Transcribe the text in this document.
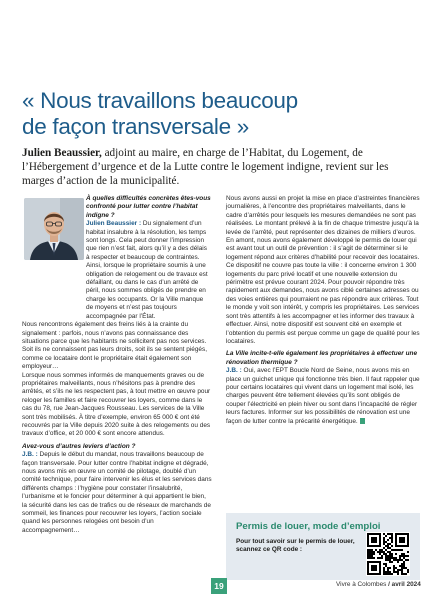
« Nous travaillons beaucoup
de façon transversale »
Julien Beaussier, adjoint au maire, en charge de l’Habitat, du Logement, de l’Hébergement d’urgence et de la Lutte contre le logement indigne, revient sur les marges d’action de la municipalité.

À quelles difficultés concrètes êtes-vous confronté pour lutter contre l’habitat indigne ?

Julien Beaussier : Du signalement d’un habitat insalubre à la résolution, les temps sont longs. Cela peut donner l’impression que rien n’est fait, alors qu’il y a des délais à respecter et beaucoup de contraintes. Ainsi, lorsque le propriétaire soumis à une obligation de relogement ou de travaux est défaillant, ou dans le cas d’un arrêté de péril, nous sommes obligés de prendre en charge les occupants. Or la Ville manque de moyens et n’est pas toujours accompagnée par l’État.

Nous rencontrons également des freins liés à la crainte du signalement : parfois, nous n’avons pas connaissance des situations parce que les habitants ne sollicitent pas nos services. Soit ils ne connaissent pas leurs droits, soit ils se sentent piégés, comme ce locataire dont le propriétaire était également son employeur…

Lorsque nous sommes informés de manquements graves ou de propriétaires malveillants, nous n’hésitons pas à prendre des arrêtés, et s’ils ne les respectent pas, à tout mettre en œuvre pour reloger les familles et faire recouvrer les loyers, comme dans le cas du 78, rue Jean-Jacques Rousseau. Les services de la Ville sont très mobilisés. À titre d’exemple, environ 65 000 € ont été recouvrés par la Ville depuis 2020 suite à des relogements ou des travaux d’office, et 20 000 € sont encore attendus.

Avez-vous d’autres leviers d’action ?

J.B. : Depuis le début du mandat, nous travaillons beaucoup de façon transversale. Pour lutter contre l’habitat indigne et dégradé, nous avons mis en œuvre un comité de pilotage, doublé d’un comité technique, pour faire intervenir les élus et les services dans différents champs : l’hygiène pour constater l’insalubrité, l’urbanisme et le foncier pour déterminer à qui appartient le bien, la sécurité dans les cas de trafics ou de réseaux de marchands de sommeil, les finances pour recouvrer les loyers, l’action sociale quand les personnes relogées ont besoin d’un accompagnement…

Nous avons aussi en projet la mise en place d’astreintes financières journalières, à l’encontre des propriétaires malveillants, dans le cadre d’arrêtés pour lesquels les mesures demandées ne sont pas réalisées. Le montant prélevé à la fin de chaque trimestre jusqu’à la levée de l’arrêté, peut représenter des dizaines de milliers d’euros.

En amont, nous avons également développé le permis de louer qui est avant tout un outil de prévention : il s’agit de déterminer si le logement répond aux critères d’habilité pour recevoir des locataires. Ce dispositif ne couvre pas toute la ville : il concerne environ 1 300 logements du parc privé locatif et une nouvelle extension du périmètre est prévue courant 2024. Pour pouvoir répondre très rapidement aux demandes, nous avons ciblé certaines adresses ou des voies entières qui pourraient ne pas répondre aux critères. Tout le monde y voit son intérêt, y compris les propriétaires. Les services sont très attentifs à les accompagner et les informer des travaux à effectuer. Ainsi, notre dispositif est souvent cité en exemple et l’obtention du permis est perçue comme un gage de qualité pour les locataires.

La Ville incite-t-elle également les propriétaires à effectuer une rénovation thermique ?

J.B. : Oui, avec l’EPT Boucle Nord de Seine, nous avons mis en place un guichet unique qui fonctionne très bien. Il faut rappeler que pour certains locataires qui vivent dans un logement mal isolé, les charges peuvent être tellement élevées qu’ils sont obligés de couper l’électricité en plein hiver ou sont dans l’incapacité de régler leurs factures. Informer sur les possibilités de rénovation est une façon de lutter contre la précarité énergétique.

Permis de louer, mode d’emploi
Pour tout savoir sur le permis de louer, scannez ce QR code :
19	Vivre à Colombes / avril 2024
